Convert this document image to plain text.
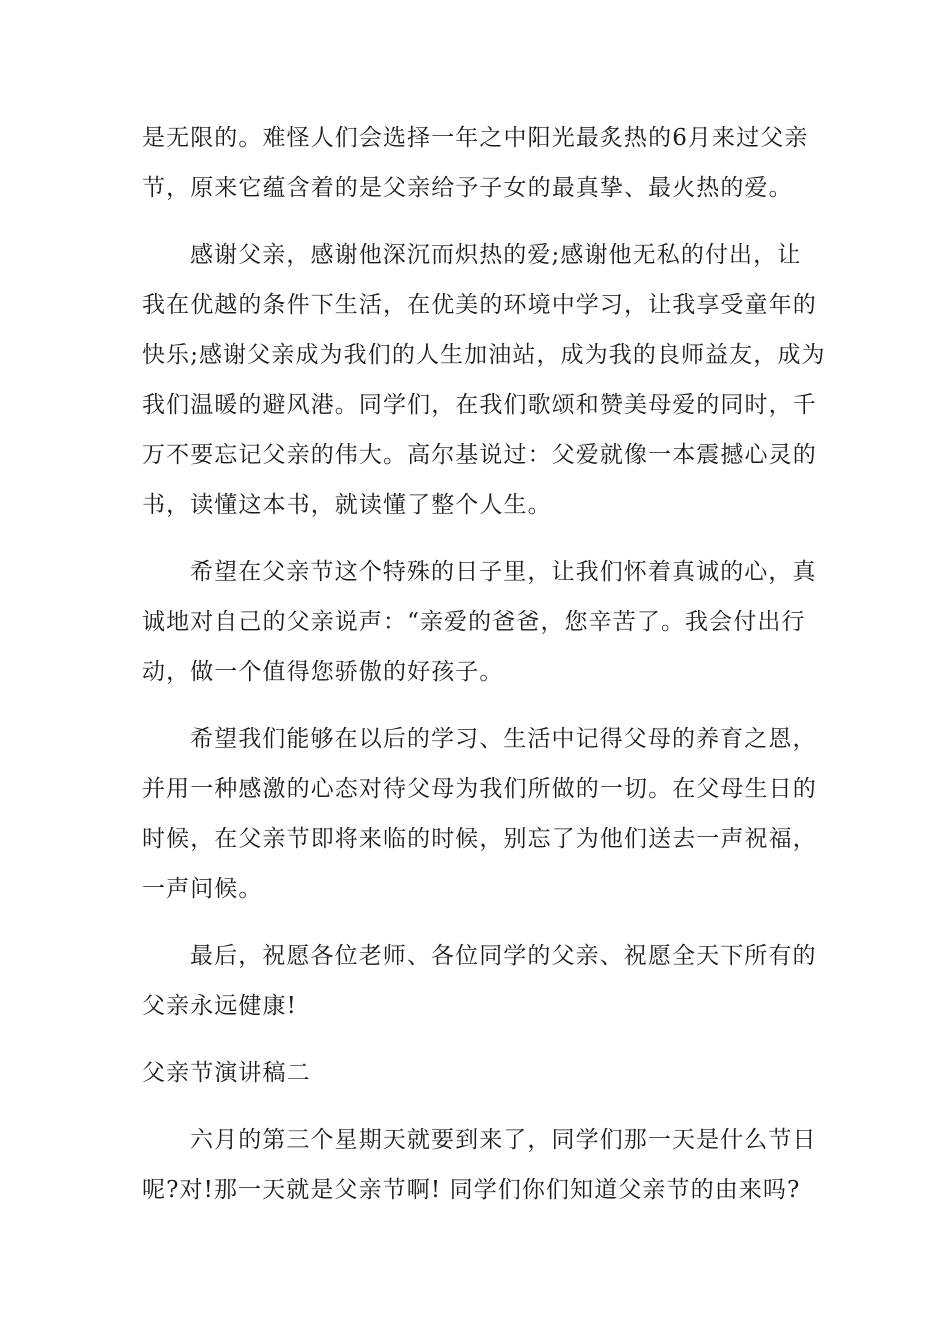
是无限的。难怪人们会选择一年之中阳光最炙热的6月来过父亲

节，原来它蕴含着的是父亲给予子女的最真挚、最火热的爱。

感谢父亲，感谢他深沉而炽热的爱;感谢他无私的付出，让

我在优越的条件下生活，在优美的环境中学习，让我享受童年的

快乐;感谢父亲成为我们的人生加油站，成为我的良师益友，成为

我们温暖的避风港。同学们，在我们歌颂和赞美母爱的同时，千

万不要忘记父亲的伟大。高尔基说过：父爱就像一本震撼心灵的

书，读懂这本书，就读懂了整个人生。

希望在父亲节这个特殊的日子里，让我们怀着真诚的心，真

诚地对自己的父亲说声：“亲爱的爸爸，您辛苦了。我会付出行

动，做一个值得您骄傲的好孩子。

希望我们能够在以后的学习、生活中记得父母的养育之恩，

并用一种感激的心态对待父母为我们所做的一切。在父母生日的

时候，在父亲节即将来临的时候，别忘了为他们送去一声祝福，

一声问候。

最后，祝愿各位老师、各位同学的父亲、祝愿全天下所有的

父亲永远健康!

父亲节演讲稿二

六月的第三个星期天就要到来了，同学们那一天是什么节日

呢?对!那一天就是父亲节啊! 同学们你们知道父亲节的由来吗?
